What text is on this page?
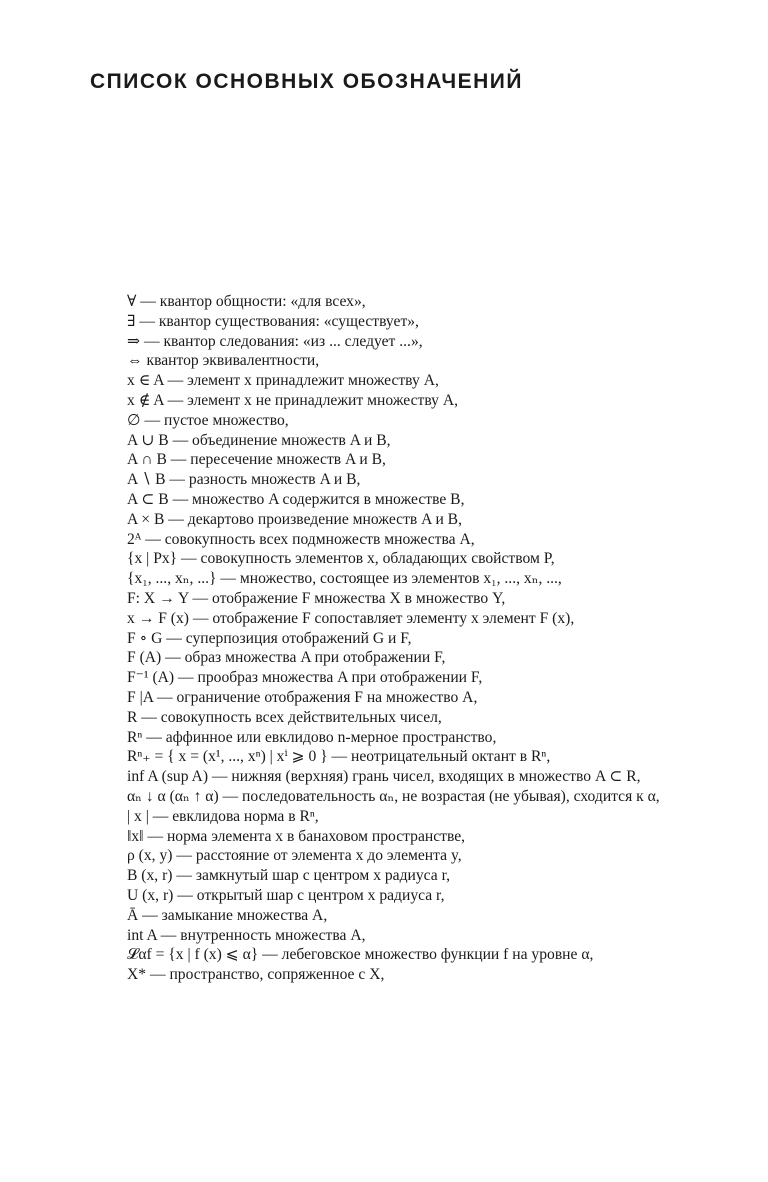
СПИСОК ОСНОВНЫХ ОБОЗНАЧЕНИЙ

∀ — квантор общности: «для всех»,

∃ — квантор существования: «существует»,

⇒ — квантор следования: «из ... следует ...»,

⇔ квантор эквивалентности,

x ∈ A — элемент x принадлежит множеству A,

x ∉ A — элемент x не принадлежит множеству A,

∅ — пустое множество,

A ∪ B — объединение множеств A и B,

A ∩ B — пересечение множеств A и B,

A ∖ B — разность множеств A и B,

A ⊂ B — множество A содержится в множестве B,

A × B — декартово произведение множеств A и B,

2ᴬ — совокупность всех подмножеств множества A,

{x | Px} — совокупность элементов x, обладающих свойством P,

{x₁, ..., xₙ, ...} — множество, состоящее из элементов x₁, ..., xₙ, ...,

F: X → Y — отображение F множества X в множество Y,

x → F (x) — отображение F сопоставляет элементу x элемент F (x),

F ∘ G — суперпозиция отображений G и F,

F (A) — образ множества A при отображении F,

F⁻¹ (A) — прообраз множества A при отображении F,

F |A — ограничение отображения F на множество A,

R — совокупность всех действительных чисел,

Rⁿ — аффинное или евклидово n-мерное пространство,

Rⁿ₊ = { x = (x¹, ..., xⁿ) | xⁱ ⩾ 0 } — неотрицательный октант в Rⁿ,

inf A (sup A) — нижняя (верхняя) грань чисел, входящих в множество A ⊂ R,

αₙ ↓ α (αₙ ↑ α) — последовательность αₙ, не возрастая (не убывая), сходится к α,

| x | — евклидова норма в Rⁿ,

‖x‖ — норма элемента x в банаховом пространстве,

ρ (x, y) — расстояние от элемента x до элемента y,

B (x, r) — замкнутый шар с центром x радиуса r,

U (x, r) — открытый шар с центром x радиуса r,

Ā — замыкание множества A,

int A — внутренность множества A,

𝓛αf = {x | f (x) ⩽ α} — лебеговское множество функции f на уровне α,

X* — пространство, сопряженное с X,
